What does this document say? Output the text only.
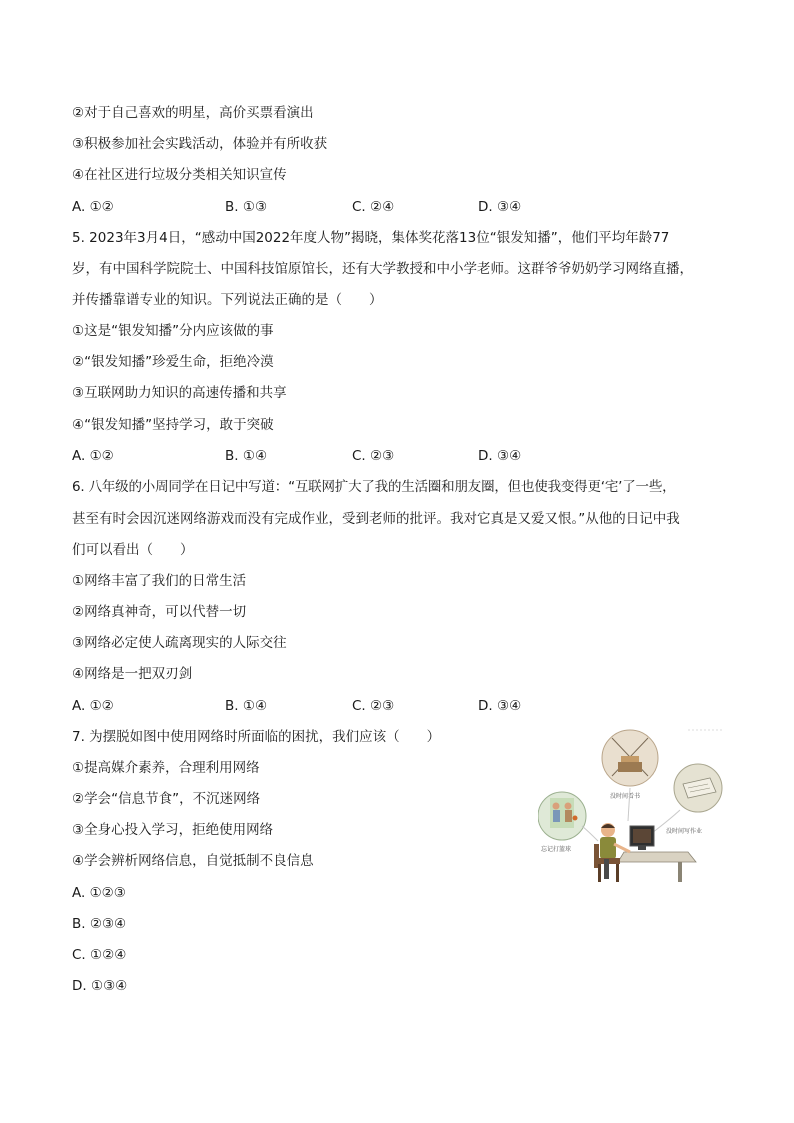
②对于自己喜欢的明星，高价买票看演出
③积极参加社会实践活动，体验并有所收获
④在社区进行垃圾分类相关知识宣传
A. ①②	B. ①③	C. ②④	D. ③④
5. 2023年3月4日，“感动中国2022年度人物”揭晓，集体奖花落13位“银发知播”，他们平均年龄77
岁，有中国科学院院士、中国科技馆原馆长，还有大学教授和中小学老师。这群爷爷奶奶学习网络直播，
并传播靠谱专业的知识。下列说法正确的是（　　）
①这是“银发知播”分内应该做的事
②“银发知播”珍爱生命，拒绝冷漠
③互联网助力知识的高速传播和共享
④“银发知播”坚持学习，敢于突破
A. ①②	B. ①④	C. ②③	D. ③④
6. 八年级的小周同学在日记中写道：“互联网扩大了我的生活圈和朋友圈，但也使我变得更‘宅’了一些，
甚至有时会因沉迷网络游戏而没有完成作业，受到老师的批评。我对它真是又爱又恨。”从他的日记中我
们可以看出（　　）
①网络丰富了我们的日常生活
②网络真神奇，可以代替一切
③网络必定使人疏离现实的人际交往
④网络是一把双刃剑
A. ①②	B. ①④	C. ②③	D. ③④
7. 为摆脱如图中使用网络时所面临的困扰，我们应该（　　）
①提高媒介素养，合理利用网络
②学会“信息节食”，不沉迷网络
③全身心投入学习，拒绝使用网络
④学会辨析网络信息，自觉抵制不良信息
A. ①②③
B. ②③④
C. ①②④
D. ①③④
忘记打篮球
没时间看书
没时间写作业
